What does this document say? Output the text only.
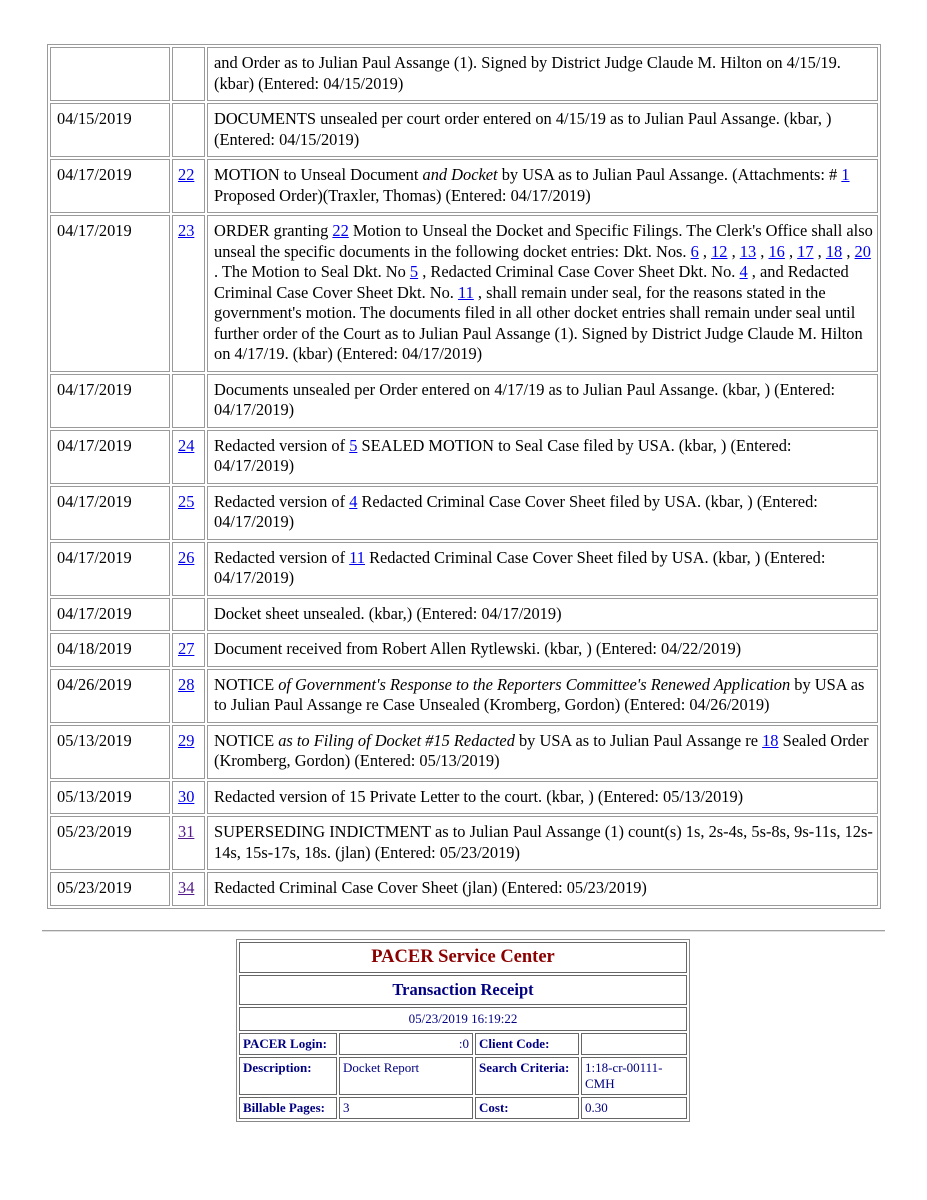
		and Order as to Julian Paul Assange (1). Signed by District Judge Claude M. Hilton on 4/15/19. (kbar) (Entered: 04/15/2019)
04/15/2019		DOCUMENTS unsealed per court order entered on 4/15/19 as to Julian Paul Assange. (kbar, ) (Entered: 04/15/2019)
04/17/2019	22	MOTION to Unseal Document and Docket by USA as to Julian Paul Assange. (Attachments: # 1 Proposed Order)(Traxler, Thomas) (Entered: 04/17/2019)
04/17/2019	23	ORDER granting 22 Motion to Unseal the Docket and Specific Filings. The Clerk's Office shall also unseal the specific documents in the following docket entries: Dkt. Nos. 6 , 12 , 13 , 16 , 17 , 18 , 20 . The Motion to Seal Dkt. No 5 , Redacted Criminal Case Cover Sheet Dkt. No. 4 , and Redacted Criminal Case Cover Sheet Dkt. No. 11 , shall remain under seal, for the reasons stated in the government's motion. The documents filed in all other docket entries shall remain under seal until further order of the Court as to Julian Paul Assange (1). Signed by District Judge Claude M. Hilton on 4/17/19. (kbar) (Entered: 04/17/2019)
04/17/2019		Documents unsealed per Order entered on 4/17/19 as to Julian Paul Assange. (kbar, ) (Entered: 04/17/2019)
04/17/2019	24	Redacted version of 5 SEALED MOTION to Seal Case filed by USA. (kbar, ) (Entered: 04/17/2019)
04/17/2019	25	Redacted version of 4 Redacted Criminal Case Cover Sheet filed by USA. (kbar, ) (Entered: 04/17/2019)
04/17/2019	26	Redacted version of 11 Redacted Criminal Case Cover Sheet filed by USA. (kbar, ) (Entered: 04/17/2019)
04/17/2019		Docket sheet unsealed. (kbar,) (Entered: 04/17/2019)
04/18/2019	27	Document received from Robert Allen Rytlewski. (kbar, ) (Entered: 04/22/2019)
04/26/2019	28	NOTICE of Government's Response to the Reporters Committee's Renewed Application by USA as to Julian Paul Assange re Case Unsealed (Kromberg, Gordon) (Entered: 04/26/2019)
05/13/2019	29	NOTICE as to Filing of Docket #15 Redacted by USA as to Julian Paul Assange re 18 Sealed Order (Kromberg, Gordon) (Entered: 05/13/2019)
05/13/2019	30	Redacted version of 15 Private Letter to the court. (kbar, ) (Entered: 05/13/2019)
05/23/2019	31	SUPERSEDING INDICTMENT as to Julian Paul Assange (1) count(s) 1s, 2s-4s, 5s-8s, 9s-11s, 12s-14s, 15s-17s, 18s. (jlan) (Entered: 05/23/2019)
05/23/2019	34	Redacted Criminal Case Cover Sheet (jlan) (Entered: 05/23/2019)
PACER Service Center			
Transaction Receipt			
05/23/2019 16:19:22			
PACER Login:	:0	Client Code:	
Description:	Docket Report	Search Criteria:	1:18-cr-00111-CMH
Billable Pages:	3	Cost:	0.30
